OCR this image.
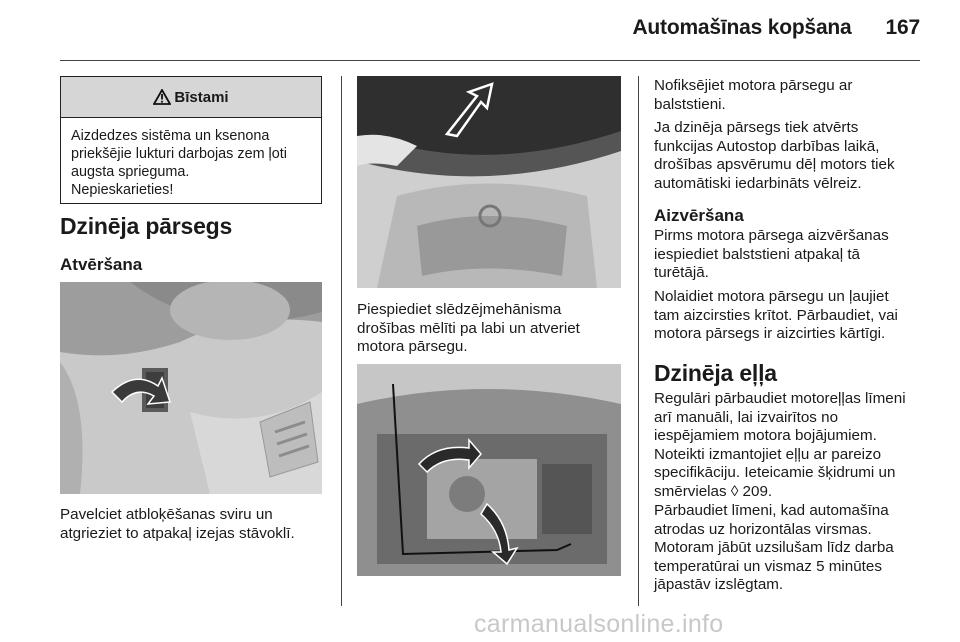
Automašīnas kopšana 167
Bīstami
Aizdedzes sistēma un ksenona
priekšējie lukturi darbojas zem ļoti
augsta sprieguma.
Nepieskarieties!
Dzinēja pārsegs
Atvēršana
Pavelciet atbloķēšanas sviru un
atgrieziet to atpakaļ izejas stāvoklī.
Piespiediet slēdzējmehānisma
drošības mēlīti pa labi un atveriet
motora pārsegu.
Nofiksējiet motora pārsegu ar
balststieni.
Ja dzinēja pārsegs tiek atvērts
funkcijas Autostop darbības laikā,
drošības apsvērumu dēļ motors tiek
automātiski iedarbināts vēlreiz.
Aizvēršana
Pirms motora pārsega aizvēršanas
iespiediet balststieni atpakaļ tā
turētājā.
Nolaidiet motora pārsegu un ļaujiet
tam aizcirsties krītot. Pārbaudiet, vai
motora pārsegs ir aizcirties kārtīgi.
Dzinēja eļļa
Regulāri pārbaudiet motoreļļas līmeni
arī manuāli, lai izvairītos no
iespējamiem motora bojājumiem.
Noteikti izmantojiet eļļu ar pareizo
specifikāciju. Ieteicamie šķidrumi un
smērvielas ◊ 209.
Pārbaudiet līmeni, kad automašīna
atrodas uz horizontālas virsmas.
Motoram jābūt uzsilušam līdz darba
temperatūrai un vismaz 5 minūtes
jāpastāv izslēgtam.
carmanualsonline.info
